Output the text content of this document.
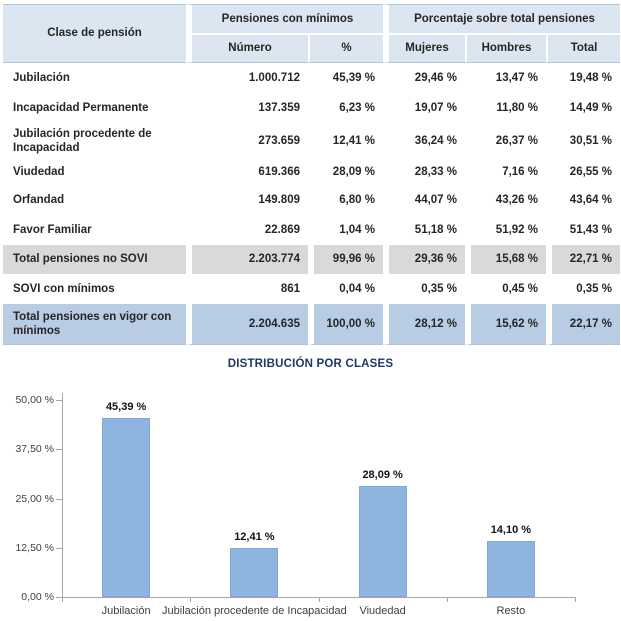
Clase de pensión	Pensiones con mínimos		Porcentaje sobre total pensiones		
	Número	%	Mujeres	Hombres	Total
Jubilación	1.000.712	45,39 %	29,46 %	13,47 %	19,48 %
Incapacidad Permanente	137.359	6,23 %	19,07 %	11,80 %	14,49 %
Jubilación procedente de Incapacidad	273.659	12,41 %	36,24 %	26,37 %	30,51 %
Viudedad	619.366	28,09 %	28,33 %	7,16 %	26,55 %
Orfandad	149.809	6,80 %	44,07 %	43,26 %	43,64 %
Favor Familiar	22.869	1,04 %	51,18 %	51,92 %	51,43 %
Total pensiones no SOVI	2.203.774	99,96 %	29,36 %	15,68 %	22,71 %
SOVI con mínimos	861	0,04 %	0,35 %	0,45 %	0,35 %
Total pensiones en vigor con mínimos	2.204.635	100,00 %	28,12 %	15,62 %	22,17 %
DISTRIBUCIÓN POR CLASES
0,00 %
12,50 %
25,00 %
37,50 %
50,00 %
45,39 %
Jubilación
12,41 %
Jubilación procedente de Incapacidad
28,09 %
Viudedad
14,10 %
Resto
